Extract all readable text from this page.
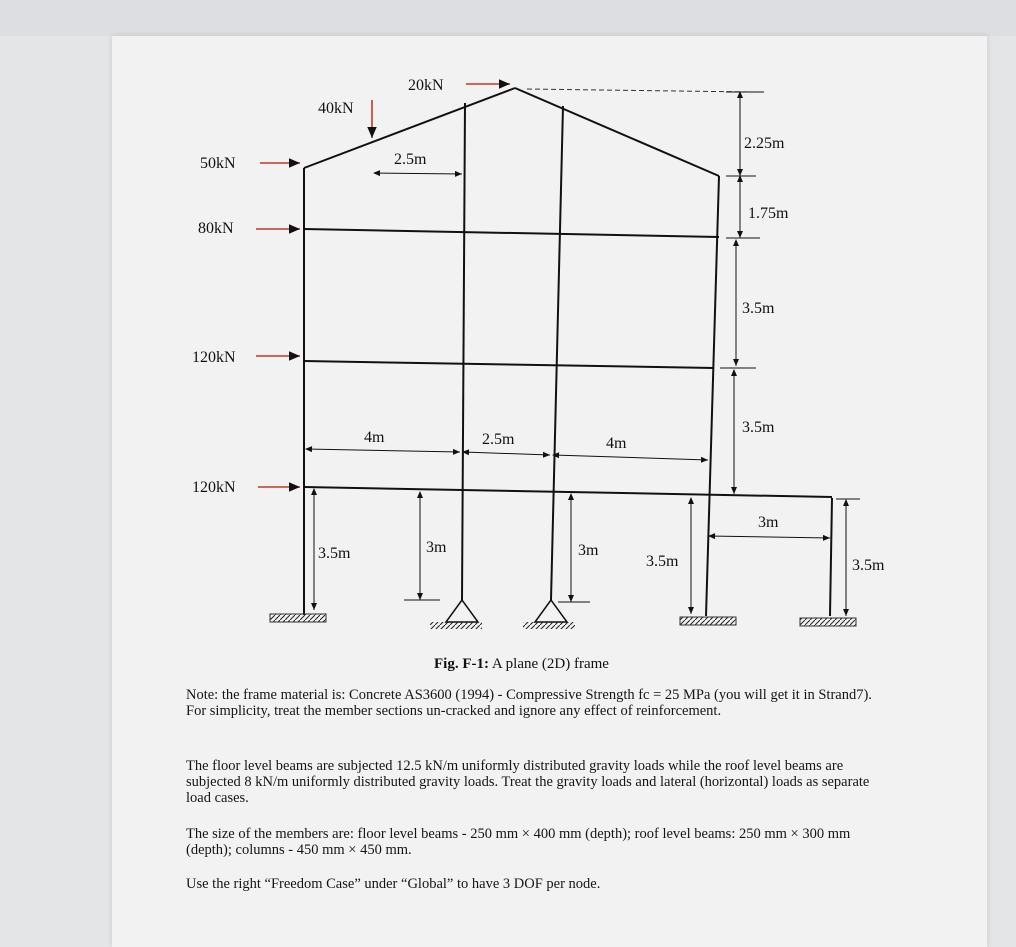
20kN
40kN
50kN
80kN
120kN
120kN
2.5m
2.25m
1.75m
3.5m
3.5m
4m	2.5m	4m
3.5m	3m	3m
3.5m
3m
3.5m
Fig. F-1: A plane (2D) frame
Note: the frame material is: Concrete AS3600 (1994) - Compressive Strength fc = 25 MPa (you will get it in Strand7). For simplicity, treat the member sections un-cracked and ignore any effect of reinforcement.
The floor level beams are subjected 12.5 kN/m uniformly distributed gravity loads while the roof level beams are subjected 8 kN/m uniformly distributed gravity loads. Treat the gravity loads and lateral (horizontal) loads as separate load cases.
The size of the members are: floor level beams - 250 mm × 400 mm (depth); roof level beams: 250 mm × 300 mm (depth); columns - 450 mm × 450 mm.
Use the right “Freedom Case” under “Global” to have 3 DOF per node.
